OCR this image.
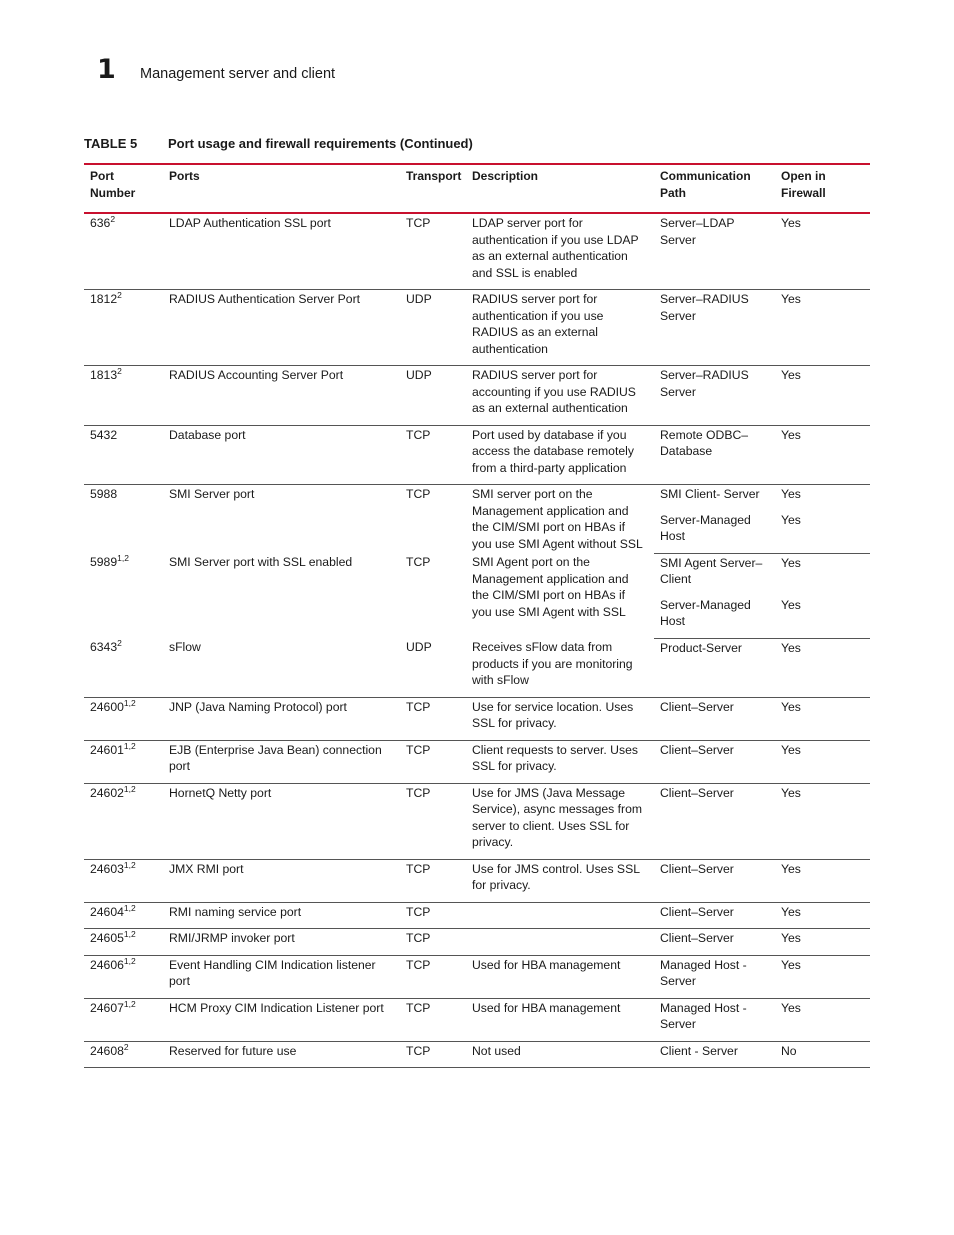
1 Management server and client
TABLE 5 Port usage and firewall requirements (Continued)
Port Number	Ports	Transport	Description	Communication Path	Open in Firewall
$636^2$	LDAP Authentication SSL port	TCP	LDAP server port for authentication if you use LDAP as an external authentication and SSL is enabled	Server–LDAP Server	Yes
1812$^2$	RADIUS Authentication Server Port	UDP	RADIUS server port for authentication if you use RADIUS as an external authentication	Server–RADIUS Server	Yes
1813$^2$	RADIUS Accounting Server Port	UDP	RADIUS server port for accounting if you use RADIUS as an external authentication	Server–RADIUS Server	Yes
5432	Database port	TCP	Port used by database if you access the database remotely from a third-party application	Remote ODBC–Database	Yes
5988	SMI Server port	TCP	SMI server port on the Management application and the CIM/SMI port on HBAs if you use SMI Agent without SSL	SMI Client- Server	Yes
				Server-Managed Host	Yes
5989$^{1,2}$	SMI Server port with SSL enabled	TCP	SMI Agent port on the Management application and the CIM/SMI port on HBAs if you use SMI Agent with SSL	SMI Agent Server–Client	Yes
				Server-Managed Host	Yes
6343$^2$	sFlow	UDP	Receives sFlow data from products if you are monitoring with sFlow	Product-Server	Yes
24600$^{1,2}$	JNP (Java Naming Protocol) port	TCP	Use for service location. Uses SSL for privacy.	Client–Server	Yes
24601$^{1,2}$	EJB (Enterprise Java Bean) connection port	TCP	Client requests to server. Uses SSL for privacy.	Client–Server	Yes
24602$^{1,2}$	HornetQ Netty port	TCP	Use for JMS (Java Message Service), async messages from server to client. Uses SSL for privacy.	Client–Server	Yes
24603$^{1,2}$	JMX RMI port	TCP	Use for JMS control. Uses SSL for privacy.	Client–Server	Yes
24604$^{1,2}$	RMI naming service port	TCP		Client–Server	Yes
24605$^{1,2}$	RMI/JRMP invoker port	TCP		Client–Server	Yes
24606$^{1,2}$	Event Handling CIM Indication listener port	TCP	Used for HBA management	Managed Host - Server	Yes
24607$^{1,2}$	HCM Proxy CIM Indication Listener port	TCP	Used for HBA management	Managed Host - Server	Yes
24608$^2$	Reserved for future use	TCP	Not used	Client - Server	No
